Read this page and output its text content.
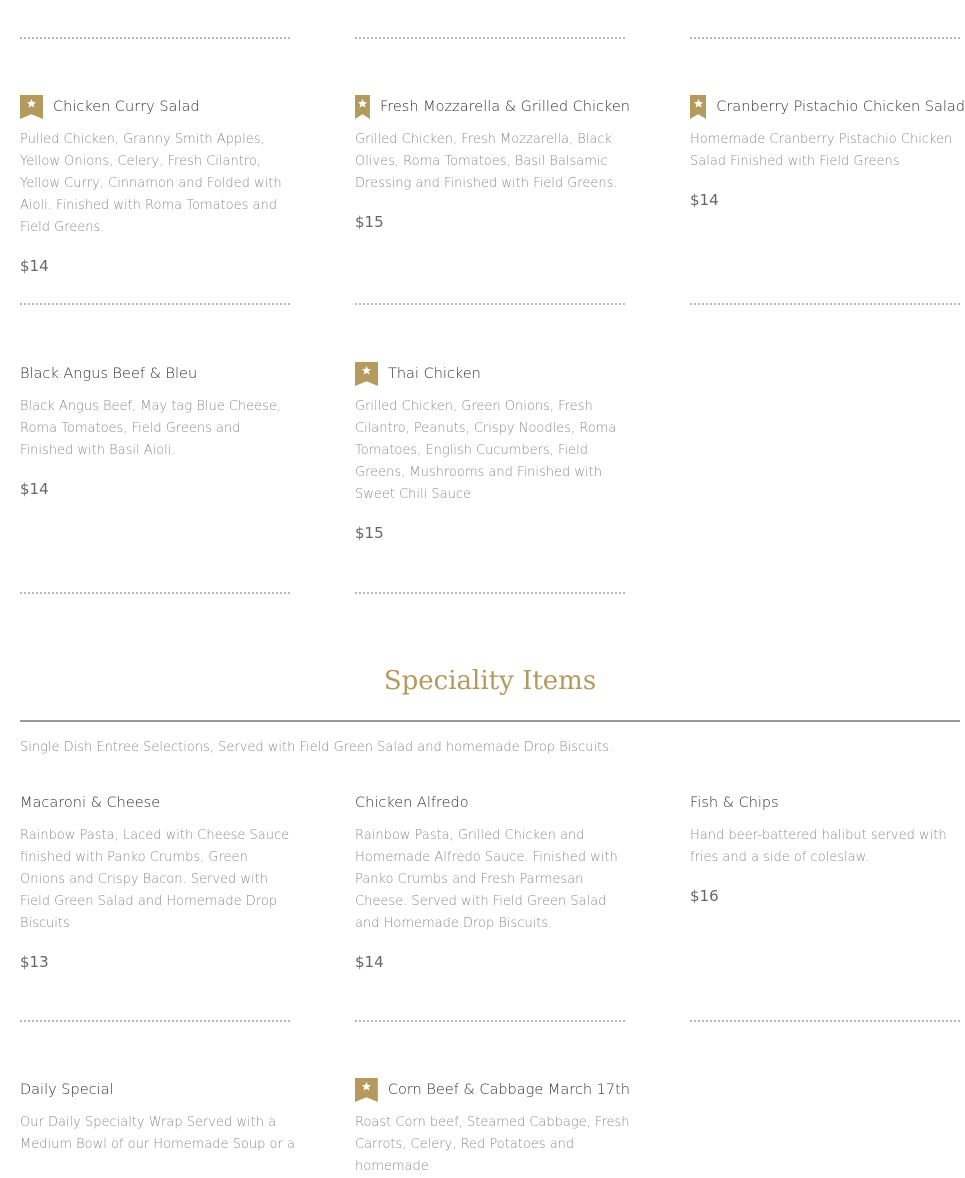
Chicken Curry Salad
Pulled Chicken, Granny Smith Apples, Yellow Onions, Celery, Fresh Cilantro, Yellow Curry, Cinnamon and Folded with Aioli. Finished with Roma Tomatoes and Field Greens.
$14
Fresh Mozzarella & Grilled Chicken
Grilled Chicken, Fresh Mozzarella, Black Olives, Roma Tomatoes, Basil Balsamic Dressing and Finished with Field Greens.
$15
Cranberry Pistachio Chicken Salad
Homemade Cranberry Pistachio Chicken Salad Finished with Field Greens
$14
Black Angus Beef & Bleu
Black Angus Beef, May tag Blue Cheese, Roma Tomatoes, Field Greens and Finished with Basil Aioli.
$14
Thai Chicken
Grilled Chicken, Green Onions, Fresh Cilantro, Peanuts, Crispy Noodles, Roma Tomatoes, English Cucumbers, Field Greens, Mushrooms and Finished with Sweet Chili Sauce
$15
Speciality Items
Single Dish Entree Selections, Served with Field Green Salad and homemade Drop Biscuits.
Macaroni & Cheese
Rainbow Pasta, Laced with Cheese Sauce finished with Panko Crumbs, Green Onions and Crispy Bacon. Served with Field Green Salad and Homemade Drop Biscuits
$13
Chicken Alfredo
Rainbow Pasta, Grilled Chicken and Homemade Alfredo Sauce. Finished with Panko Crumbs and Fresh Parmesan Cheese. Served with Field Green Salad and Homemade Drop Biscuits.
$14
Fish & Chips
Hand beer-battered halibut served with fries and a side of coleslaw.
$16
Daily Special
Our Daily Specialty Wrap Served with a Medium Bowl of our Homemade Soup or a
Corn Beef & Cabbage March 17th
Roast Corn beef, Steamed Cabbage, Fresh Carrots, Celery, Red Potatoes and homemade
